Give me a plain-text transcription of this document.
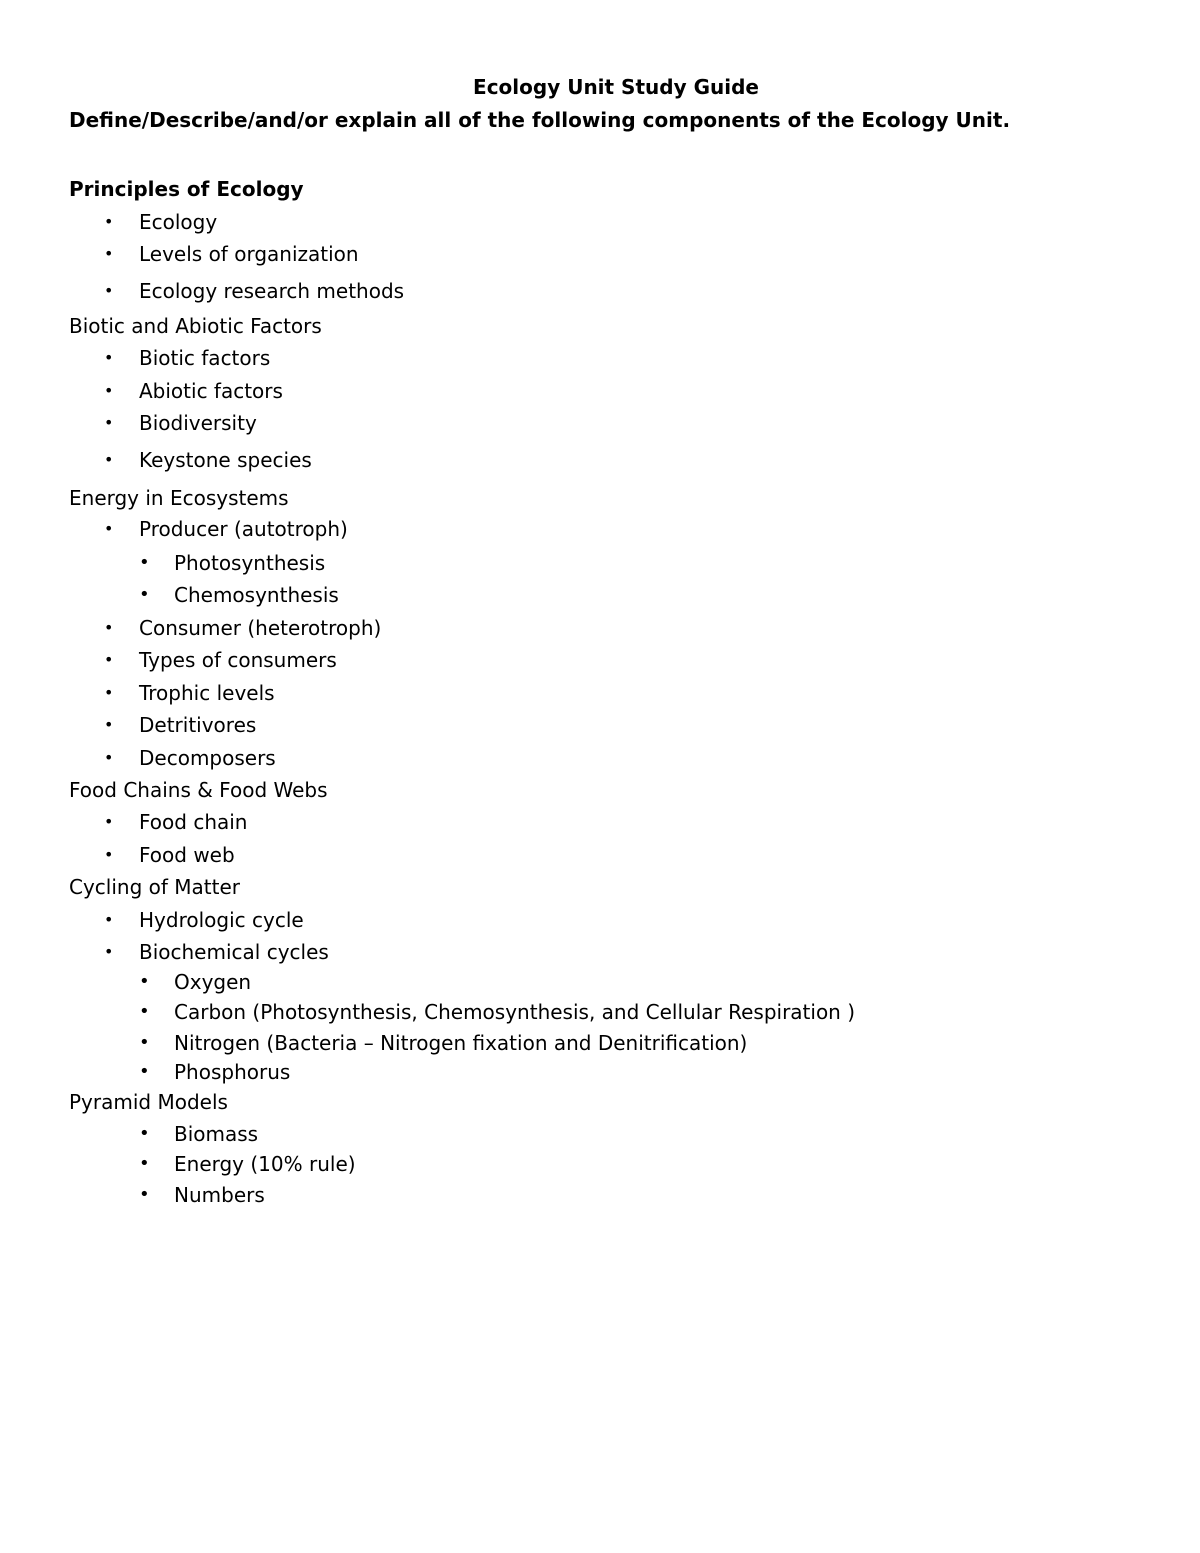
Ecology Unit Study Guide
Define/Describe/and/or explain all of the following components of the Ecology Unit.
Principles of Ecology
• Ecology
• Levels of organization
• Ecology research methods
Biotic and Abiotic Factors
• Biotic factors
• Abiotic factors
• Biodiversity
• Keystone species
Energy in Ecosystems
• Producer (autotroph)
• Photosynthesis
• Chemosynthesis
• Consumer (heterotroph)
• Types of consumers
• Trophic levels
• Detritivores
• Decomposers
Food Chains & Food Webs
• Food chain
• Food web
Cycling of Matter
• Hydrologic cycle
• Biochemical cycles
• Oxygen
• Carbon (Photosynthesis, Chemosynthesis, and Cellular Respiration )
• Nitrogen (Bacteria – Nitrogen fixation and Denitrification)
• Phosphorus
Pyramid Models
• Biomass
• Energy (10% rule)
• Numbers
